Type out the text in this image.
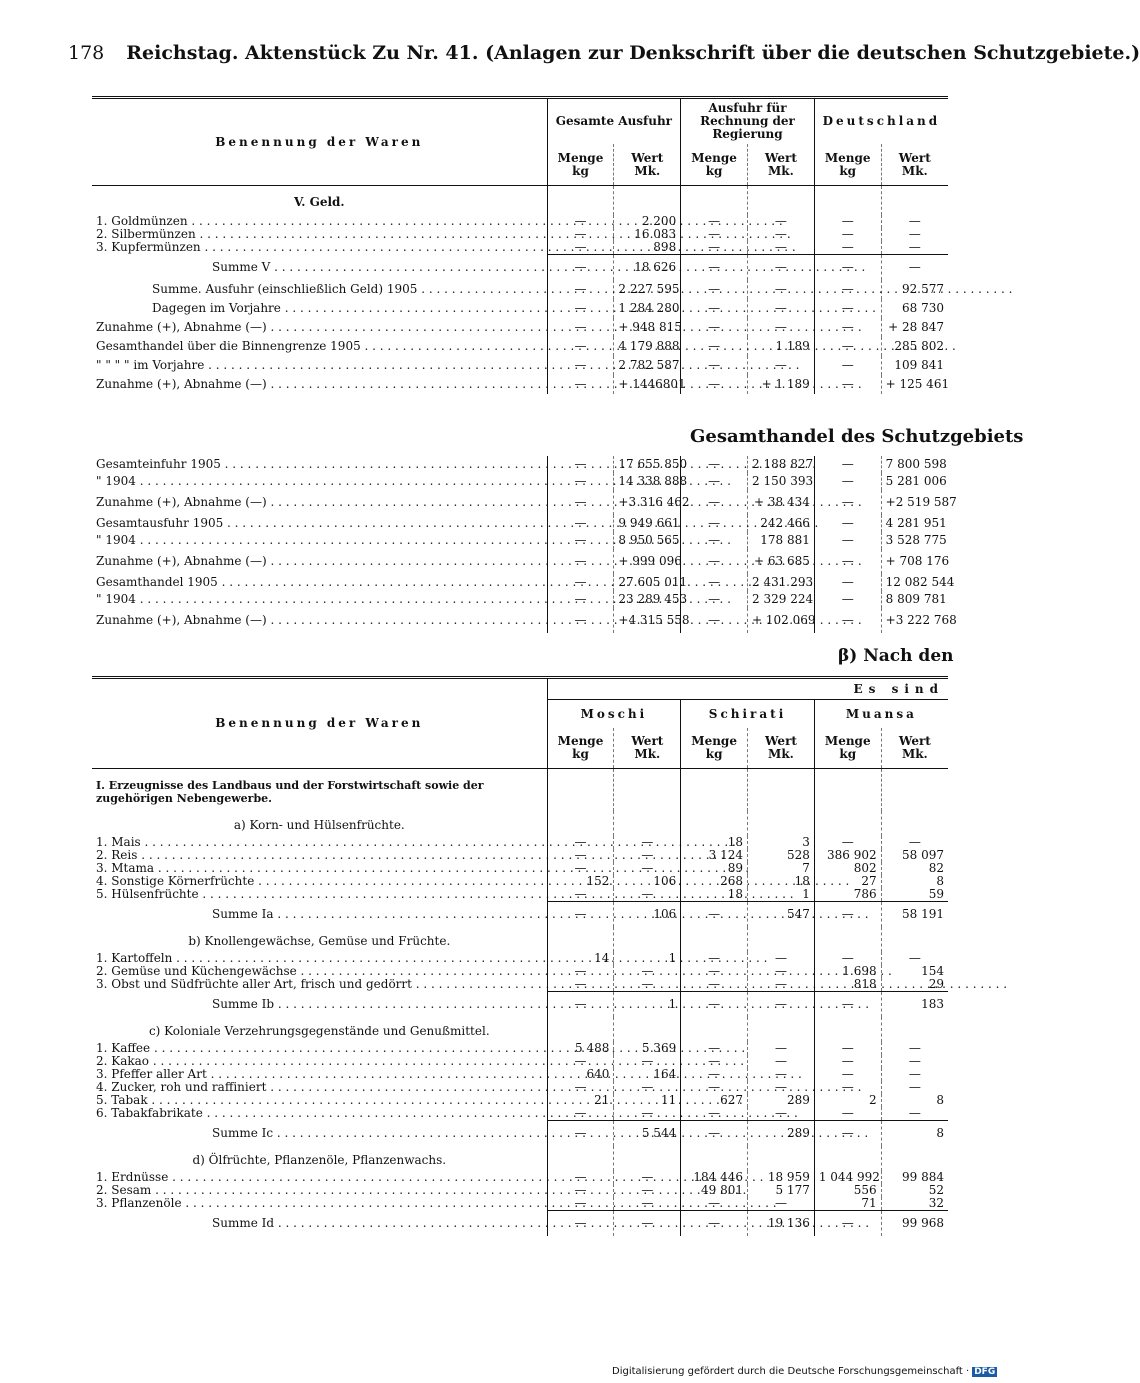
178 Reichstag. Aktenstück Zu Nr. 41. (Anlagen zur Denkschrift über die deutschen Schutzgebiete.)
Benennung der Waren	Gesamte Ausfuhr		Ausfuhr für Rechnung der Regierung		Deutschland	
	Menge kg	Wert Mk.	Menge kg	Wert Mk.	Menge kg	Wert Mk.
V. Geld.						

1. Goldmünzen . . .	—	2 200	—	—	—	—

2. Silbermünzen . . .	—	16 083	—	—	—	—

3. Kupfermünzen . . .	—	898	—	—	—	—

Summe V . . .	—	18 626	—	—	—	—

Summe. Ausfuhr (einschließlich Geld) 1905 . . .	—	2 227 595	—	—	—	92 577

Dagegen im Vorjahre . . .	—	1 284 280	—	—	—	68 730

Zunahme (+), Abnahme (—) . . .	—	+ 948 815	—	—	—	+ 28 847

Gesamthandel über die Binnengrenze 1905 . . .	—	4 179 888	—	1 189	—	285 802

" " " " im Vorjahre . . .	—	2 782 587	—	—	—	109 841

Zunahme (+), Abnahme (—) . . .	—	+ 1446801	—	+ 1 189	—	+ 125 461
Gesamthandel des Schutzgebiets
Gesamteinfuhr 1905 . . .	—	17 655 850	—	2 188 827	—	7 800 598

" 1904 . . .	—	14 338 888	—	2 150 393	—	5 281 006

Zunahme (+), Abnahme (—) . . .	—	+3 316 462	—	+ 38 434	—	+2 519 587

Gesamtausfuhr 1905 . . .	—	9 949 661	—	242 466	—	4 281 951

" 1904 . . .	—	8 950 565	—	178 881	—	3 528 775

Zunahme (+), Abnahme (—) . . .	—	+ 999 096	—	+ 63 685	—	+ 708 176

Gesamthandel 1905 . . .	—	27 605 011	—	2 431 293	—	12 082 544

" 1904 . . .	—	23 289 453	—	2 329 224	—	8 809 781

Zunahme (+), Abnahme (—) . . .	—	+4 315 558	—	+ 102 069	—	+3 222 768
β) Nach den
Benennung der Waren	Es sind					
	Moschi		Schirati		Muansa	
	Menge kg	Wert Mk.	Menge kg	Wert Mk.	Menge kg	Wert Mk.
I. Erzeugnisse des Landbaus und der Forstwirtschaft sowie der zugehörigen Nebengewerbe.						
a) Korn- und Hülsenfrüchte.						

1. Mais . . .	—	—	18	3	—	—

2. Reis . . .	—	—	3 124	528	386 902	58 097

3. Mtama . . .	—	—	89	7	802	82

4. Sonstige Körnerfrüchte . . .	152	106	268	18	27	8

5. Hülsenfrüchte . . .	—	—	18	1	786	59

Summe Ia . . .	—	106	—	547	—	58 191
b) Knollengewächse, Gemüse und Früchte.						

1. Kartoffeln . . .	14	1	—	—	—	—

2. Gemüse und Küchengewächse . . .	—	—	—	—	1 698	154

3. Obst und Südfrüchte aller Art, frisch und gedörrt . . .	—	—	—	—	818	29

Summe Ib . . .	—	1	—	—	—	183
c) Koloniale Verzehrungsgegenstände und Genußmittel.						

1. Kaffee . . .	5 488	5 369	—	—	—	—

2. Kakao . . .	—	—	—	—	—	—

3. Pfeffer aller Art . . .	640	164	—	—	—	—

4. Zucker, roh und raffiniert . . .	—	—	—	—	—	—

5. Tabak . . .	21	11	627	289	2	8

6. Tabakfabrikate . . .	—	—	—	—	—	—

Summe Ic . . .	—	5 544	—	289	—	8
d) Ölfrüchte, Pflanzenöle, Pflanzenwachs.						

1. Erdnüsse . . .	—	—	184 446	18 959	1 044 992	99 884

2. Sesam . . .	—	—	49 801	5 177	556	52

3. Pflanzenöle . . .	—	—	—	—	71	32

Summe Id . . .	—	—	—	19 136	—	99 968
Digitalisierung gefördert durch die Deutsche Forschungsgemeinschaft · DFG
